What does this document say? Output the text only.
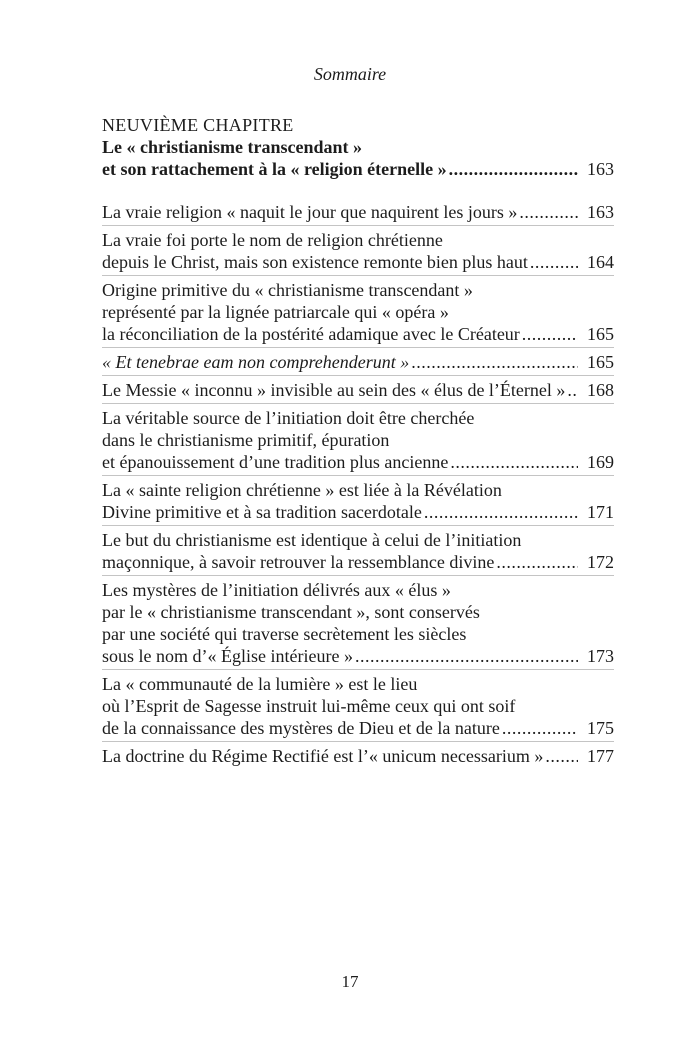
Sommaire
NEUVIÈME CHAPITRE
Le « christianisme transcendant »
et son rattachement à la « religion éternelle » .....	163
La vraie religion « naquit le jour que naquirent les jours » .....	163
La vraie foi porte le nom de religion chrétienne
depuis le Christ, mais son existence remonte bien plus haut .....	164
Origine primitive du « christianisme transcendant »
représenté par la lignée patriarcale qui « opéra »
la réconciliation de la postérité adamique avec le Créateur .....	165
« Et tenebrae eam non comprehenderunt » .....	165
Le Messie « inconnu » invisible au sein des « élus de l’Éternel » .....	168
La véritable source de l’initiation doit être cherchée
dans le christianisme primitif, épuration
et épanouissement d’une tradition plus ancienne .....	169
La « sainte religion chrétienne » est liée à la Révélation
Divine primitive et à sa tradition sacerdotale .....	171
Le but du christianisme est identique à celui de l’initiation
maçonnique, à savoir retrouver la ressemblance divine .....	172
Les mystères de l’initiation délivrés aux « élus »
par le « christianisme transcendant », sont conservés
par une société qui traverse secrètement les siècles
sous le nom d’« Église intérieure » .....	173
La « communauté de la lumière » est le lieu
où l’Esprit de Sagesse instruit lui-même ceux qui ont soif
de la connaissance des mystères de Dieu et de la nature .....	175
La doctrine du Régime Rectifié est l’« unicum necessarium » .....	177
17
